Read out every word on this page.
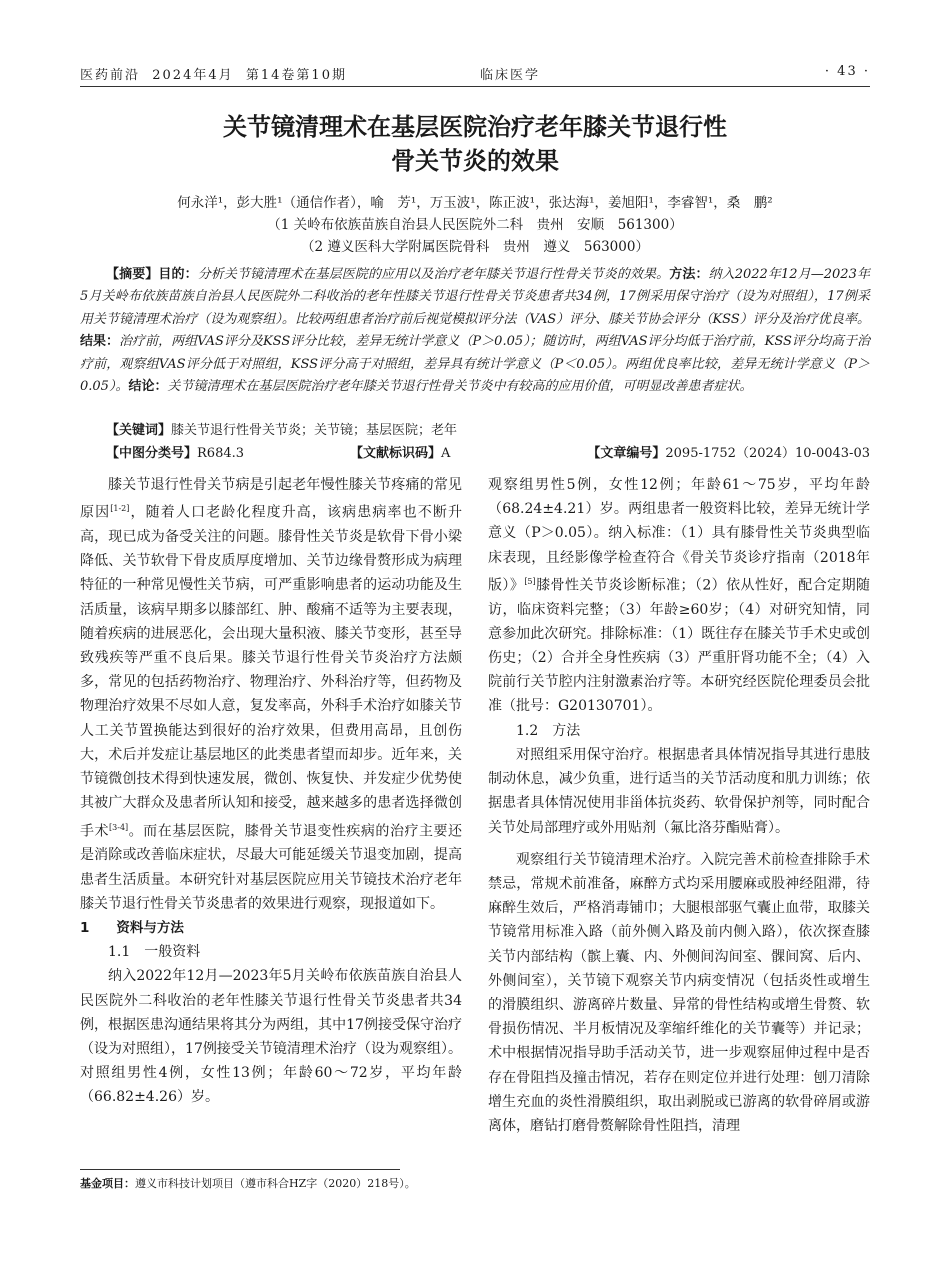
医药前沿  2024年4月  第14卷第10期	临床医学	· 43 ·
关节镜清理术在基层医院治疗老年膝关节退行性
骨关节炎的效果
何永洋¹，彭大胜¹（通信作者），喻　芳¹，万玉波¹，陈正波¹，张达海¹，姜旭阳¹，李睿智¹，桑　鹏²
（1 关岭布依族苗族自治县人民医院外二科　贵州　安顺　561300）
（2 遵义医科大学附属医院骨科　贵州　遵义　563000）

【摘要】目的：分析关节镜清理术在基层医院的应用以及治疗老年膝关节退行性骨关节炎的效果。方法：纳入2022年12月—2023年5月关岭布依族苗族自治县人民医院外二科收治的老年性膝关节退行性骨关节炎患者共34例，17例采用保守治疗（设为对照组），17例采用关节镜清理术治疗（设为观察组）。比较两组患者治疗前后视觉模拟评分法（VAS）评分、膝关节协会评分（KSS）评分及治疗优良率。结果：治疗前，两组VAS评分及KSS评分比较，差异无统计学意义（P＞0.05）；随访时，两组VAS评分均低于治疗前，KSS评分均高于治疗前，观察组VAS评分低于对照组，KSS评分高于对照组，差异具有统计学意义（P＜0.05）。两组优良率比较，差异无统计学意义（P＞0.05）。结论：关节镜清理术在基层医院治疗老年膝关节退行性骨关节炎中有较高的应用价值，可明显改善患者症状。

【关键词】膝关节退行性骨关节炎；关节镜；基层医院；老年
【中图分类号】R684.3	【文献标识码】A	【文章编号】2095-1752（2024）10-0043-03

膝关节退行性骨关节病是引起老年慢性膝关节疼痛的常见原因[1-2]，随着人口老龄化程度升高，该病患病率也不断升高，现已成为备受关注的问题。膝骨性关节炎是软骨下骨小梁降低、关节软骨下骨皮质厚度增加、关节边缘骨赘形成为病理特征的一种常见慢性关节病，可严重影响患者的运动功能及生活质量，该病早期多以膝部红、肿、酸痛不适等为主要表现，随着疾病的进展恶化，会出现大量积液、膝关节变形，甚至导致残疾等严重不良后果。膝关节退行性骨关节炎治疗方法颇多，常见的包括药物治疗、物理治疗、外科治疗等，但药物及物理治疗效果不尽如人意，复发率高，外科手术治疗如膝关节人工关节置换能达到很好的治疗效果，但费用高昂，且创伤大，术后并发症让基层地区的此类患者望而却步。近年来，关节镜微创技术得到快速发展，微创、恢复快、并发症少优势使其被广大群众及患者所认知和接受，越来越多的患者选择微创手术[3-4]。而在基层医院，膝骨关节退变性疾病的治疗主要还是消除或改善临床症状，尽最大可能延缓关节退变加剧，提高患者生活质量。本研究针对基层医院应用关节镜技术治疗老年膝关节退行性骨关节炎患者的效果进行观察，现报道如下。

1　　资料与方法

1.1　一般资料

纳入2022年12月—2023年5月关岭布依族苗族自治县人民医院外二科收治的老年性膝关节退行性骨关节炎患者共34例，根据医患沟通结果将其分为两组，其中17例接受保守治疗（设为对照组），17例接受关节镜清理术治疗（设为观察组）。对照组男性4例，女性13例；年龄60～72岁，平均年龄（66.82±4.26）岁。

观察组男性5例，女性12例；年龄61～75岁，平均年龄（68.24±4.21）岁。两组患者一般资料比较，差异无统计学意义（P＞0.05）。纳入标准：（1）具有膝骨性关节炎典型临床表现，且经影像学检查符合《骨关节炎诊疗指南（2018年版）》[5]膝骨性关节炎诊断标准；（2）依从性好，配合定期随访，临床资料完整；（3）年龄≥60岁；（4）对研究知情，同意参加此次研究。排除标准：（1）既往存在膝关节手术史或创伤史；（2）合并全身性疾病（3）严重肝肾功能不全；（4）入院前行关节腔内注射激素治疗等。本研究经医院伦理委员会批准（批号：G20130701）。

1.2　方法

对照组采用保守治疗。根据患者具体情况指导其进行患肢制动休息，减少负重，进行适当的关节活动度和肌力训练；依据患者具体情况使用非甾体抗炎药、软骨保护剂等，同时配合关节处局部理疗或外用贴剂（氟比洛芬酯贴膏）。

观察组行关节镜清理术治疗。入院完善术前检查排除手术禁忌，常规术前准备，麻醉方式均采用腰麻或股神经阻滞，待麻醉生效后，严格消毒铺巾；大腿根部驱气囊止血带，取膝关节镜常用标准入路（前外侧入路及前内侧入路），依次探查膝关节内部结构（髌上囊、内、外侧间沟间室、髁间窝、后内、外侧间室），关节镜下观察关节内病变情况（包括炎性或增生的滑膜组织、游离碎片数量、异常的骨性结构或增生骨赘、软骨损伤情况、半月板情况及挛缩纤维化的关节囊等）并记录；术中根据情况指导助手活动关节，进一步观察屈伸过程中是否存在骨阻挡及撞击情况，若存在则定位并进行处理：刨刀清除增生充血的炎性滑膜组织，取出剥脱或已游离的软骨碎屑或游离体，磨钻打磨骨赘解除骨性阻挡，清理

基金项目：遵义市科技计划项目（遵市科合HZ字（2020）218号）。
